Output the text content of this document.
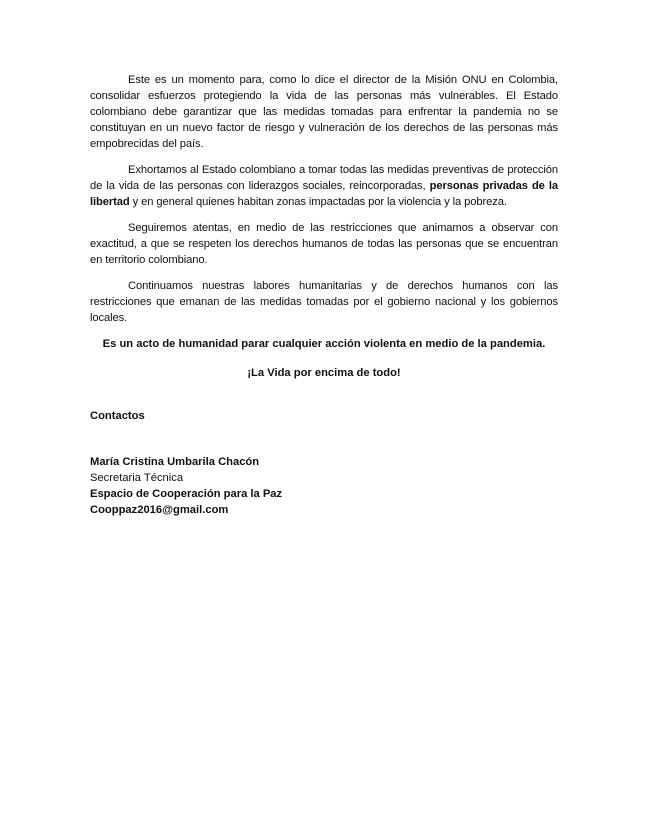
Este es un momento para, como lo dice el director de la Misión ONU en Colombia, consolidar esfuerzos protegiendo la vida de las personas más vulnerables. El Estado colombiano debe garantizar que las medidas tomadas para enfrentar la pandemia no se constituyan en un nuevo factor de riesgo y vulneración de los derechos de las personas más empobrecidas del país.

Exhortamos al Estado colombiano a tomar todas las medidas preventivas de protección de la vida de las personas con liderazgos sociales, reincorporadas, personas privadas de la libertad y en general quienes habitan zonas impactadas por la violencia y la pobreza.

Seguiremos atentas, en medio de las restricciones que animamos a observar con exactitud, a que se respeten los derechos humanos de todas las personas que se encuentran en territorio colombiano.

Continuamos nuestras labores humanitarias y de derechos humanos con las restricciones que emanan de las medidas tomadas por el gobierno nacional y los gobiernos locales.

Es un acto de humanidad parar cualquier acción violenta en medio de la pandemia.

¡La Vida por encima de todo!

Contactos
María Cristina Umbarila Chacón
Secretaria Técnica
Espacio de Cooperación para la Paz
Cooppaz2016@gmail.com
